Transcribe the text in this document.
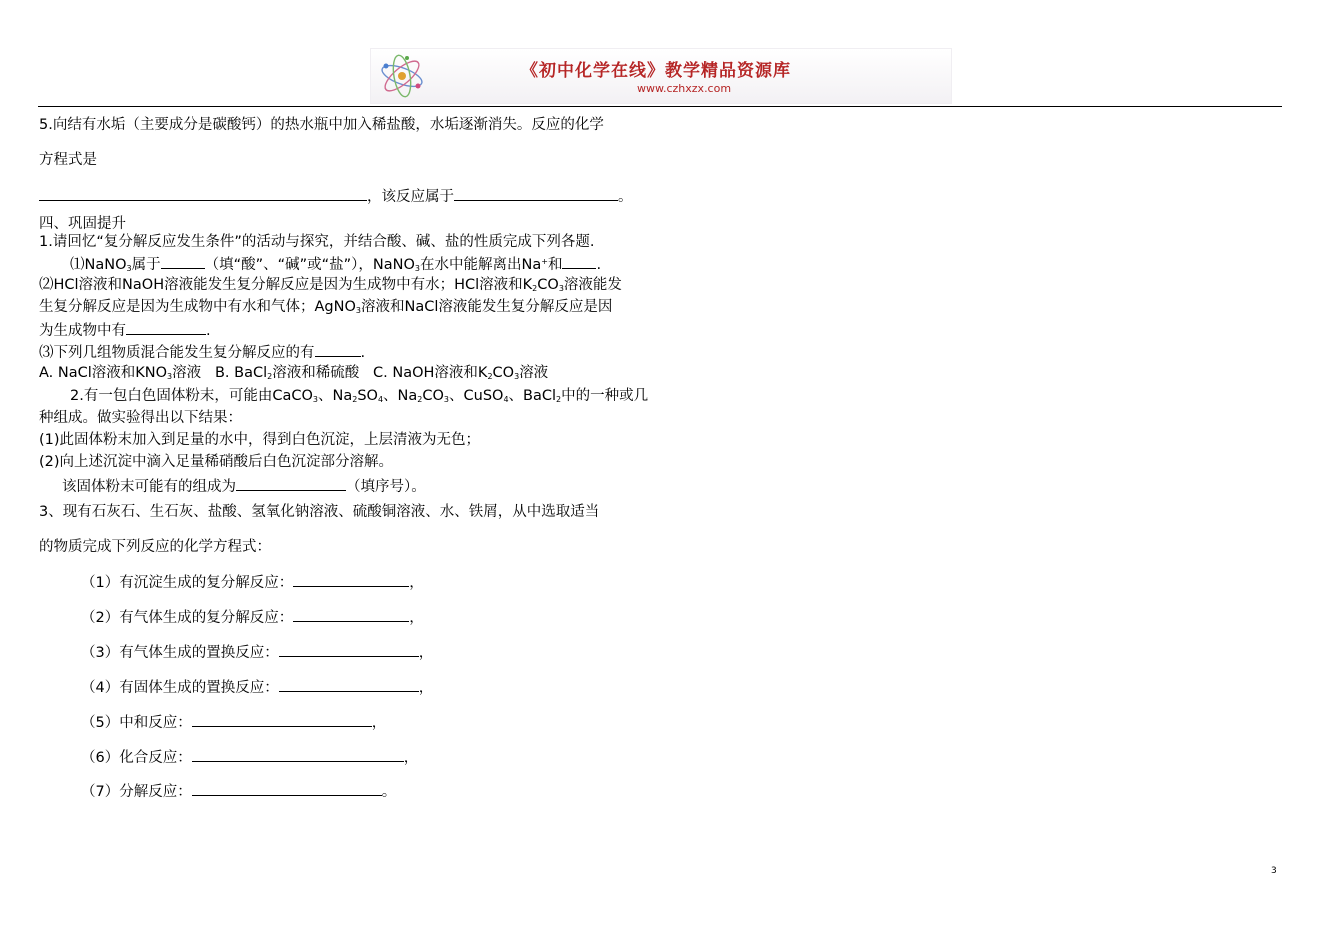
《初中化学在线》教学精品资源库
www.czhxzx.com
5.向结有水垢（主要成分是碳酸钙）的热水瓶中加入稀盐酸，水垢逐渐消失。反应的化学
方程式是
，该反应属于	。
四、巩固提升
1.请回忆“复分解反应发生条件”的活动与探究，并结合酸、碱、盐的性质完成下列各题.
⑴NaNO$_3$属于	（填“酸”、“碱”或“盐”），NaNO$_3$在水中能解离出Na+和 .
⑵HCl溶液和NaOH溶液能发生复分解反应是因为生成物中有水；HCl溶液和$K_2CO_3$溶液能发
生复分解反应是因为生成物中有水和气体；AgNO$_3$溶液和NaCl溶液能发生复分解反应是因
为生成物中有	.
⑶下列几组物质混合能发生复分解反应的有	.
A. NaCl溶液和$KNO_3$溶液   B. BaCl$_2$溶液和稀硫酸   C. NaOH溶液和$K_2CO_3$溶液
2.有一包白色固体粉末，可能由CaCO$_3$、$Na_2SO_4$、$Na_2CO_3$、CuSO$_4$、BaCl$_2$中的一种或几
种组成。做实验得出以下结果：
(1)此固体粉末加入到足量的水中，得到白色沉淀，上层清液为无色；
(2)向上述沉淀中滴入足量稀硝酸后白色沉淀部分溶解。
该固体粉末可能有的组成为	（填序号）。
3、现有石灰石、生石灰、盐酸、氢氧化钠溶液、硫酸铜溶液、水、铁屑，从中选取适当
的物质完成下列反应的化学方程式：
（1）有沉淀生成的复分解反应：	，
（2）有气体生成的复分解反应：	，
（3）有气体生成的置换反应：	，
（4）有固体生成的置换反应：	，
（5）中和反应：	，
（6）化合反应：	，
（7）分解反应：	。
3
